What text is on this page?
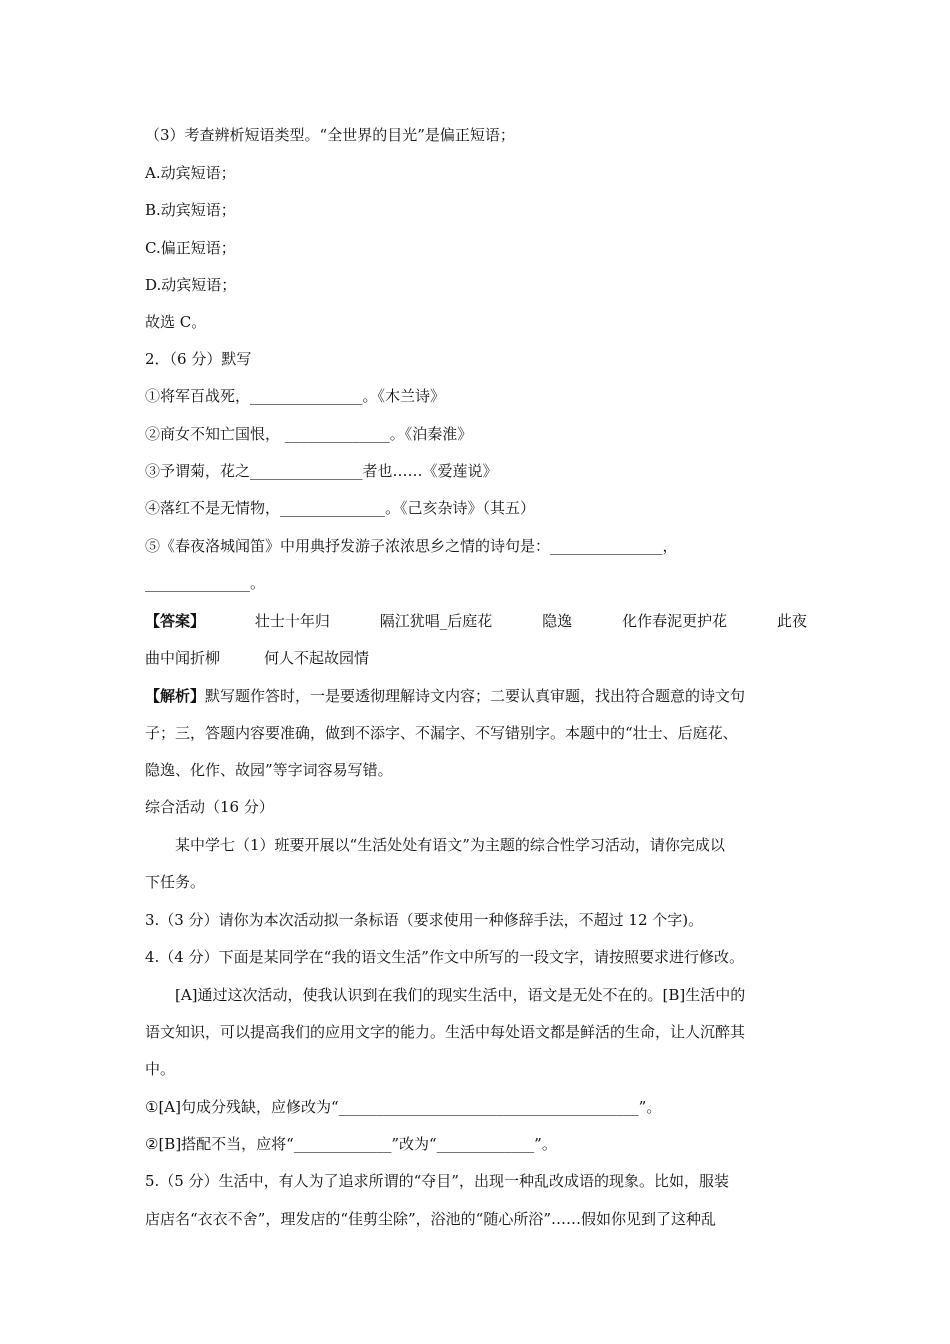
（3）考查辨析短语类型。“全世界的目光”是偏正短语；
A.动宾短语；
B.动宾短语；
C.偏正短语；
D.动宾短语；
故选 C。
2．（6 分）默写
①将军百战死，_______________。《木兰诗》
②商女不知亡国恨， ______________。《泊秦淮》
③予谓菊，花之_______________者也……《爱莲说》
④落红不是无情物，______________。《己亥杂诗》（其五）
⑤《春夜洛城闻笛》中用典抒发游子浓浓思乡之情的诗句是：_______________，
______________。
【答案】	壮士十年归	隔江犹唱_后庭花	隐逸	化作春泥更护花	此夜
曲中闻折柳	何人不起故园情
【解析】默写题作答时，一是要透彻理解诗文内容；二要认真审题，找出符合题意的诗文句
子；三，答题内容要准确，做到不添字、不漏字、不写错别字。本题中的“壮士、后庭花、
隐逸、化作、故园”等字词容易写错。
综合活动（16 分）
某中学七（1）班要开展以“生活处处有语文”为主题的综合性学习活动，请你完成以
下任务。
3.（3 分）请你为本次活动拟一条标语（要求使用一种修辞手法，不超过 12 个字)。
4.（4 分）下面是某同学在“我的语文生活”作文中所写的一段文字，请按照要求进行修改。
[A]通过这次活动，使我认识到在我们的现实生活中，语文是无处不在的。[B]生活中的
语文知识，可以提高我们的应用文字的能力。生活中每处语文都是鲜活的生命，让人沉醉其
中。
①[A]句成分残缺，应修改为“________________________________________”。
②[B]搭配不当，应将“_____________”改为“_____________”。
5.（5 分）生活中，有人为了追求所谓的“夺目”，出现一种乱改成语的现象。比如，服装
店店名“衣衣不舍”，理发店的“佳剪尘除”，浴池的“随心所浴”……假如你见到了这种乱
